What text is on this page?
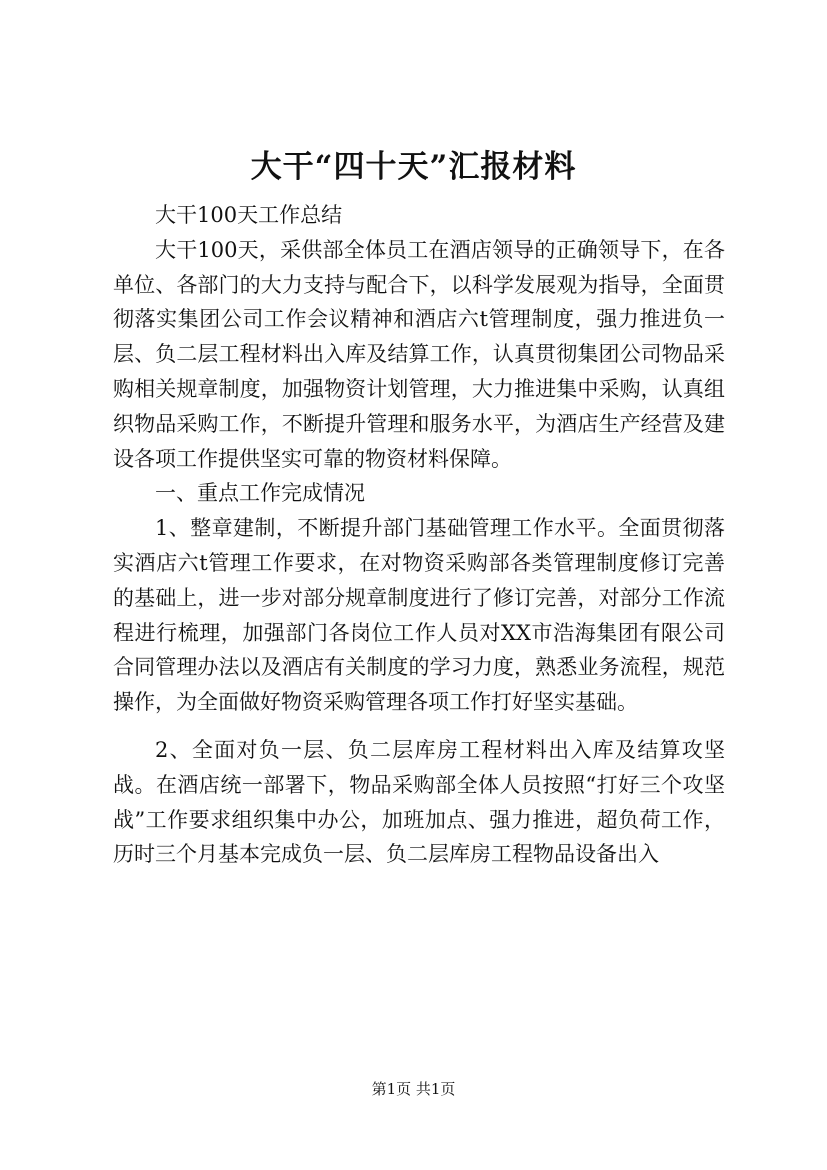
大干“四十天”汇报材料

大干100天工作总结

大干100天，采供部全体员工在酒店领导的正确领导下，在各单位、各部门的大力支持与配合下，以科学发展观为指导，全面贯彻落实集团公司工作会议精神和酒店六t管理制度，强力推进负一层、负二层工程材料出入库及结算工作，认真贯彻集团公司物品采购相关规章制度，加强物资计划管理，大力推进集中采购，认真组织物品采购工作，不断提升管理和服务水平，为酒店生产经营及建设各项工作提供坚实可靠的物资材料保障。

一、重点工作完成情况

1、整章建制，不断提升部门基础管理工作水平。全面贯彻落实酒店六t管理工作要求，在对物资采购部各类管理制度修订完善的基础上，进一步对部分规章制度进行了修订完善，对部分工作流程进行梳理，加强部门各岗位工作人员对XX市浩海集团有限公司合同管理办法以及酒店有关制度的学习力度，熟悉业务流程，规范操作，为全面做好物资采购管理各项工作打好坚实基础。

2、全面对负一层、负二层库房工程材料出入库及结算攻坚战。在酒店统一部署下，物品采购部全体人员按照“打好三个攻坚战”工作要求组织集中办公，加班加点、强力推进，超负荷工作，历时三个月基本完成负一层、负二层库房工程物品设备出入

第1页 共1页
